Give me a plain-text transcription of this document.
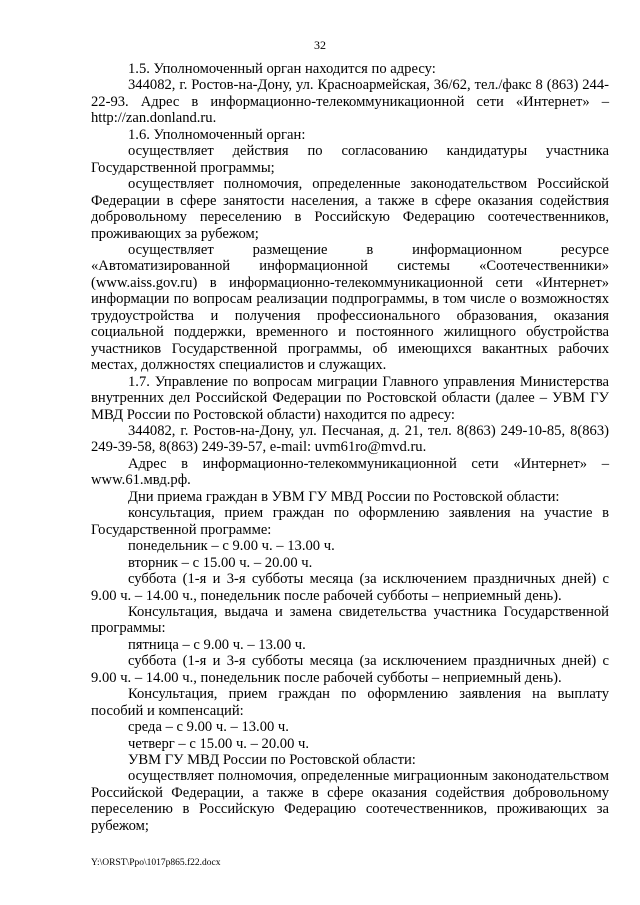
32

1.5. Уполномоченный орган находится по адресу:

344082, г. Ростов-на-Дону, ул. Красноармейская, 36/62, тел./факс 8 (863) 244-22-93. Адрес в информационно-телекоммуникационной сети «Интернет» – http://zan.donland.ru.

1.6. Уполномоченный орган:

осуществляет действия по согласованию кандидатуры участника Государственной программы;

осуществляет полномочия, определенные законодательством Российской Федерации в сфере занятости населения, а также в сфере оказания содействия добровольному переселению в Российскую Федерацию соотечественников, проживающих за рубежом;

осуществляет размещение в информационном ресурсе «Автоматизированной информационной системы «Соотечественники» (www.aiss.gov.ru) в информационно-телекоммуникационной сети «Интернет» информации по вопросам реализации подпрограммы, в том числе о возможностях трудоустройства и получения профессионального образования, оказания социальной поддержки, временного и постоянного жилищного обустройства участников Государственной программы, об имеющихся вакантных рабочих местах, должностях специалистов и служащих.

1.7. Управление по вопросам миграции Главного управления Министерства внутренних дел Российской Федерации по Ростовской области (далее – УВМ ГУ МВД России по Ростовской области) находится по адресу:

344082, г. Ростов-на-Дону, ул. Песчаная, д. 21, тел. 8(863) 249-10-85, 8(863) 249-39-58, 8(863) 249-39-57, e-mail: uvm61ro@mvd.ru.

Адрес в информационно-телекоммуникационной сети «Интернет» – www.61.мвд.рф.

Дни приема граждан в УВМ ГУ МВД России по Ростовской области:

консультация, прием граждан по оформлению заявления на участие в Государственной программе:

понедельник – с 9.00 ч. – 13.00 ч.

вторник – с 15.00 ч. – 20.00 ч.

суббота (1-я и 3-я субботы месяца (за исключением праздничных дней) с 9.00 ч. – 14.00 ч., понедельник после рабочей субботы – неприемный день).

Консультация, выдача и замена свидетельства участника Государственной программы:

пятница – с 9.00 ч. – 13.00 ч.

суббота (1-я и 3-я субботы месяца (за исключением праздничных дней) с 9.00 ч. – 14.00 ч., понедельник после рабочей субботы – неприемный день).

Консультация, прием граждан по оформлению заявления на выплату пособий и компенсаций:

среда – с 9.00 ч. – 13.00 ч.

четверг – с 15.00 ч. – 20.00 ч.

УВМ ГУ МВД России по Ростовской области:

осуществляет полномочия, определенные миграционным законодательством Российской Федерации, а также в сфере оказания содействия добровольному переселению в Российскую Федерацию соотечественников, проживающих за рубежом;

Y:\ORST\Ppo\1017p865.f22.docx
